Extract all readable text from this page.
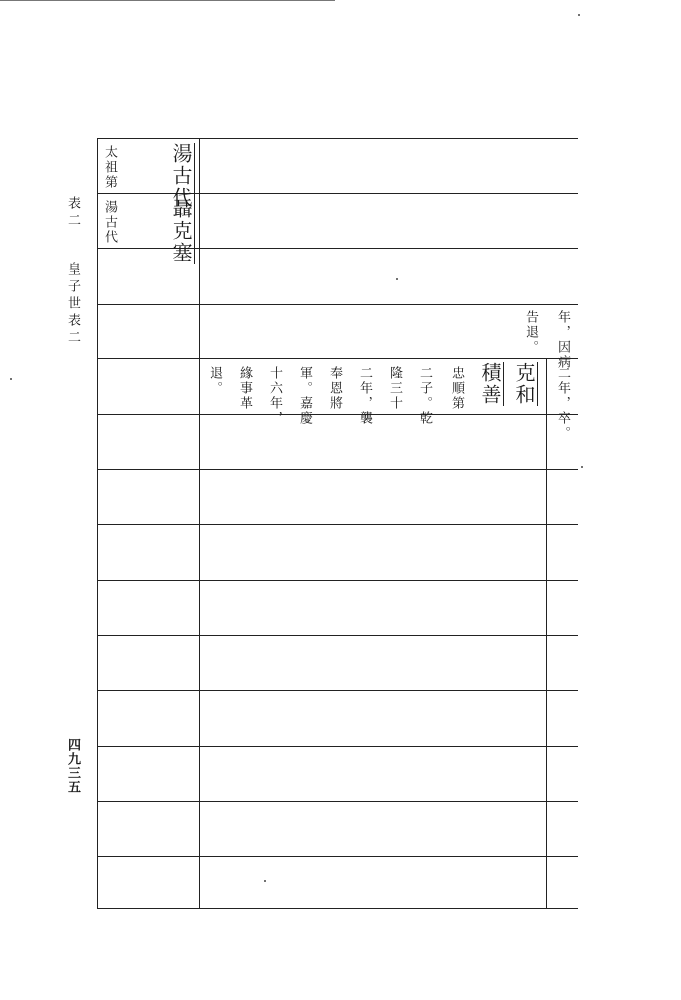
表二
皇子世表二
四九三五
湯古代
太祖第
聶克塞
湯古代
年，因病
告退。
二年，卒。
克和
積善
忠順第
二子。乾
隆三十
二年，襲
奉恩將
軍。嘉慶
十六年，
緣事革
退。
